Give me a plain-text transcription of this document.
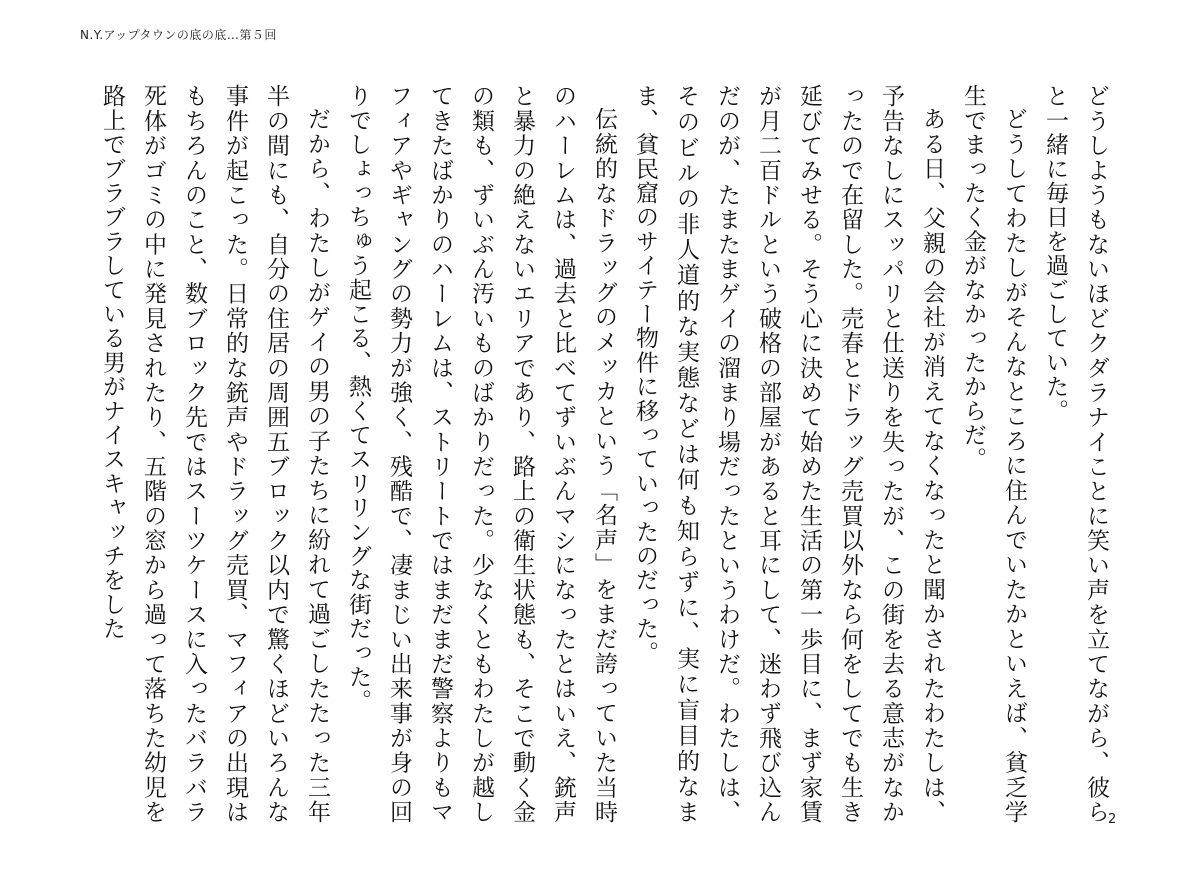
N.Y.アップタウンの底の底…第５回

どうしようもないほどクダラナイことに笑い声を立てながら、彼らと一緒に毎日を過ごしていた。

どうしてわたしがそんなところに住んでいたかといえば、貧乏学生でまったく金がなかったからだ。

ある日、父親の会社が消えてなくなったと聞かされたわたしは、予告なしにスッパリと仕送りを失ったが、この街を去る意志がなかったので在留した。売春とドラッグ売買以外なら何をしてでも生き延びてみせる。そう心に決めて始めた生活の第一歩目に、まず家賃が月二百ドルという破格の部屋があると耳にして、迷わず飛び込んだのが、たまたまゲイの溜まり場だったというわけだ。わたしは、そのビルの非人道的な実態などは何も知らずに、実に盲目的なまま、貧民窟のサイテー物件に移っていったのだった。

伝統的なドラッグのメッカという「名声」をまだ誇っていた当時のハーレムは、過去と比べてずいぶんマシになったとはいえ、銃声と暴力の絶えないエリアであり、路上の衛生状態も、そこで動く金の類も、ずいぶん汚いものばかりだった。少なくともわたしが越してきたばかりのハーレムは、ストリートではまだまだ警察よりもマフィアやギャングの勢力が強く、残酷で、凄まじい出来事が身の回りでしょっちゅう起こる、熱くてスリリングな街だった。

だから、わたしがゲイの男の子たちに紛れて過ごしたたった三年半の間にも、自分の住居の周囲五ブロック以内で驚くほどいろんな事件が起こった。日常的な銃声やドラッグ売買、マフィアの出現はもちろんのこと、数ブロック先ではスーツケースに入ったバラバラ死体がゴミの中に発見されたり、五階の窓から過って落ちた幼児を路上でブラブラしている男がナイスキャッチをした

2
